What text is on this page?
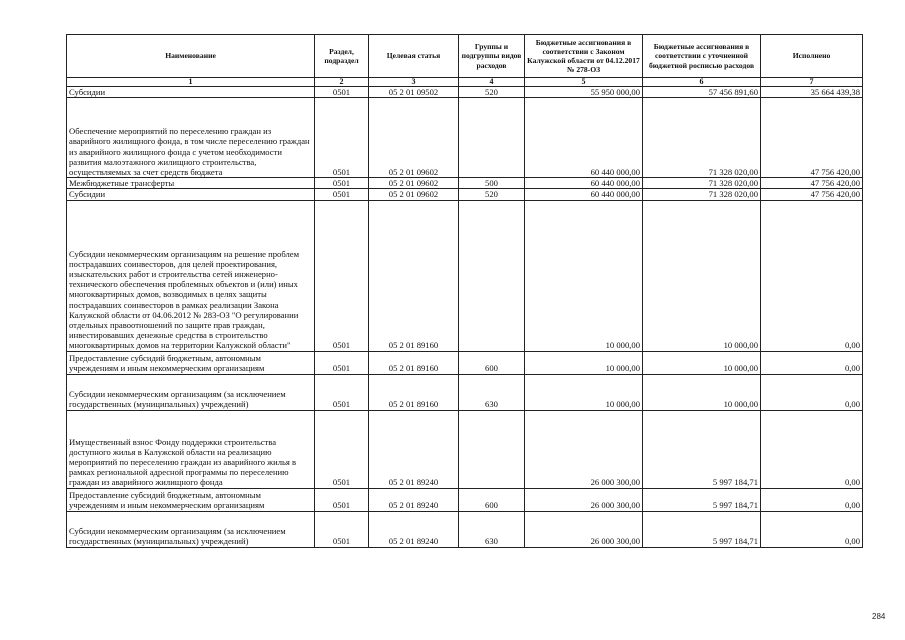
Наименование	Раздел, подраздел	Целевая статья	Группы и подгруппы видов расходов	Бюджетные ассигнования в соответствии с Законом Калужской области от 04.12.2017 № 278-ОЗ	Бюджетные ассигнования в соответствии с уточненной бюджетной росписью расходов	Исполнено
1	2	3	4	5	6	7
Субсидии	0501	05 2 01 09502	520	55 950 000,00	57 456 891,60	35 664 439,38
Обеспечение мероприятий по переселению граждан из аварийного жилищного фонда, в том числе переселению граждан из аварийного жилищного фонда с учетом необходимости развития малоэтажного жилищного строительства, осуществляемых за счет средств бюджета	0501	05 2 01 09602		60 440 000,00	71 328 020,00	47 756 420,00
Межбюджетные трансферты	0501	05 2 01 09602	500	60 440 000,00	71 328 020,00	47 756 420,00
Субсидии	0501	05 2 01 09602	520	60 440 000,00	71 328 020,00	47 756 420,00
Субсидии некоммерческим организациям на решение проблем пострадавших соинвесторов, для целей проектирования, изыскательских работ и строительства сетей инженерно-технического обеспечения проблемных объектов и (или) иных многоквартирных домов, возводимых в целях защиты пострадавших соинвесторов в рамках реализации Закона Калужской области от 04.06.2012 № 283-ОЗ "О регулировании отдельных правоотношений по защите прав граждан, инвестировавших денежные средства в строительство многоквартирных домов на территории Калужской области"	0501	05 2 01 89160		10 000,00	10 000,00	0,00
Предоставление субсидий бюджетным, автономным учреждениям и иным некоммерческим организациям	0501	05 2 01 89160	600	10 000,00	10 000,00	0,00
Субсидии некоммерческим организациям (за исключением государственных (муниципальных) учреждений)	0501	05 2 01 89160	630	10 000,00	10 000,00	0,00
Имущественный взнос Фонду поддержки строительства доступного жилья в Калужской области на реализацию мероприятий по переселению граждан из аварийного жилья в рамках региональной адресной программы по переселению граждан из аварийного жилищного фонда	0501	05 2 01 89240		26 000 300,00	5 997 184,71	0,00
Предоставление субсидий бюджетным, автономным учреждениям и иным некоммерческим организациям	0501	05 2 01 89240	600	26 000 300,00	5 997 184,71	0,00
Субсидии некоммерческим организациям (за исключением государственных (муниципальных) учреждений)	0501	05 2 01 89240	630	26 000 300,00	5 997 184,71	0,00
284
